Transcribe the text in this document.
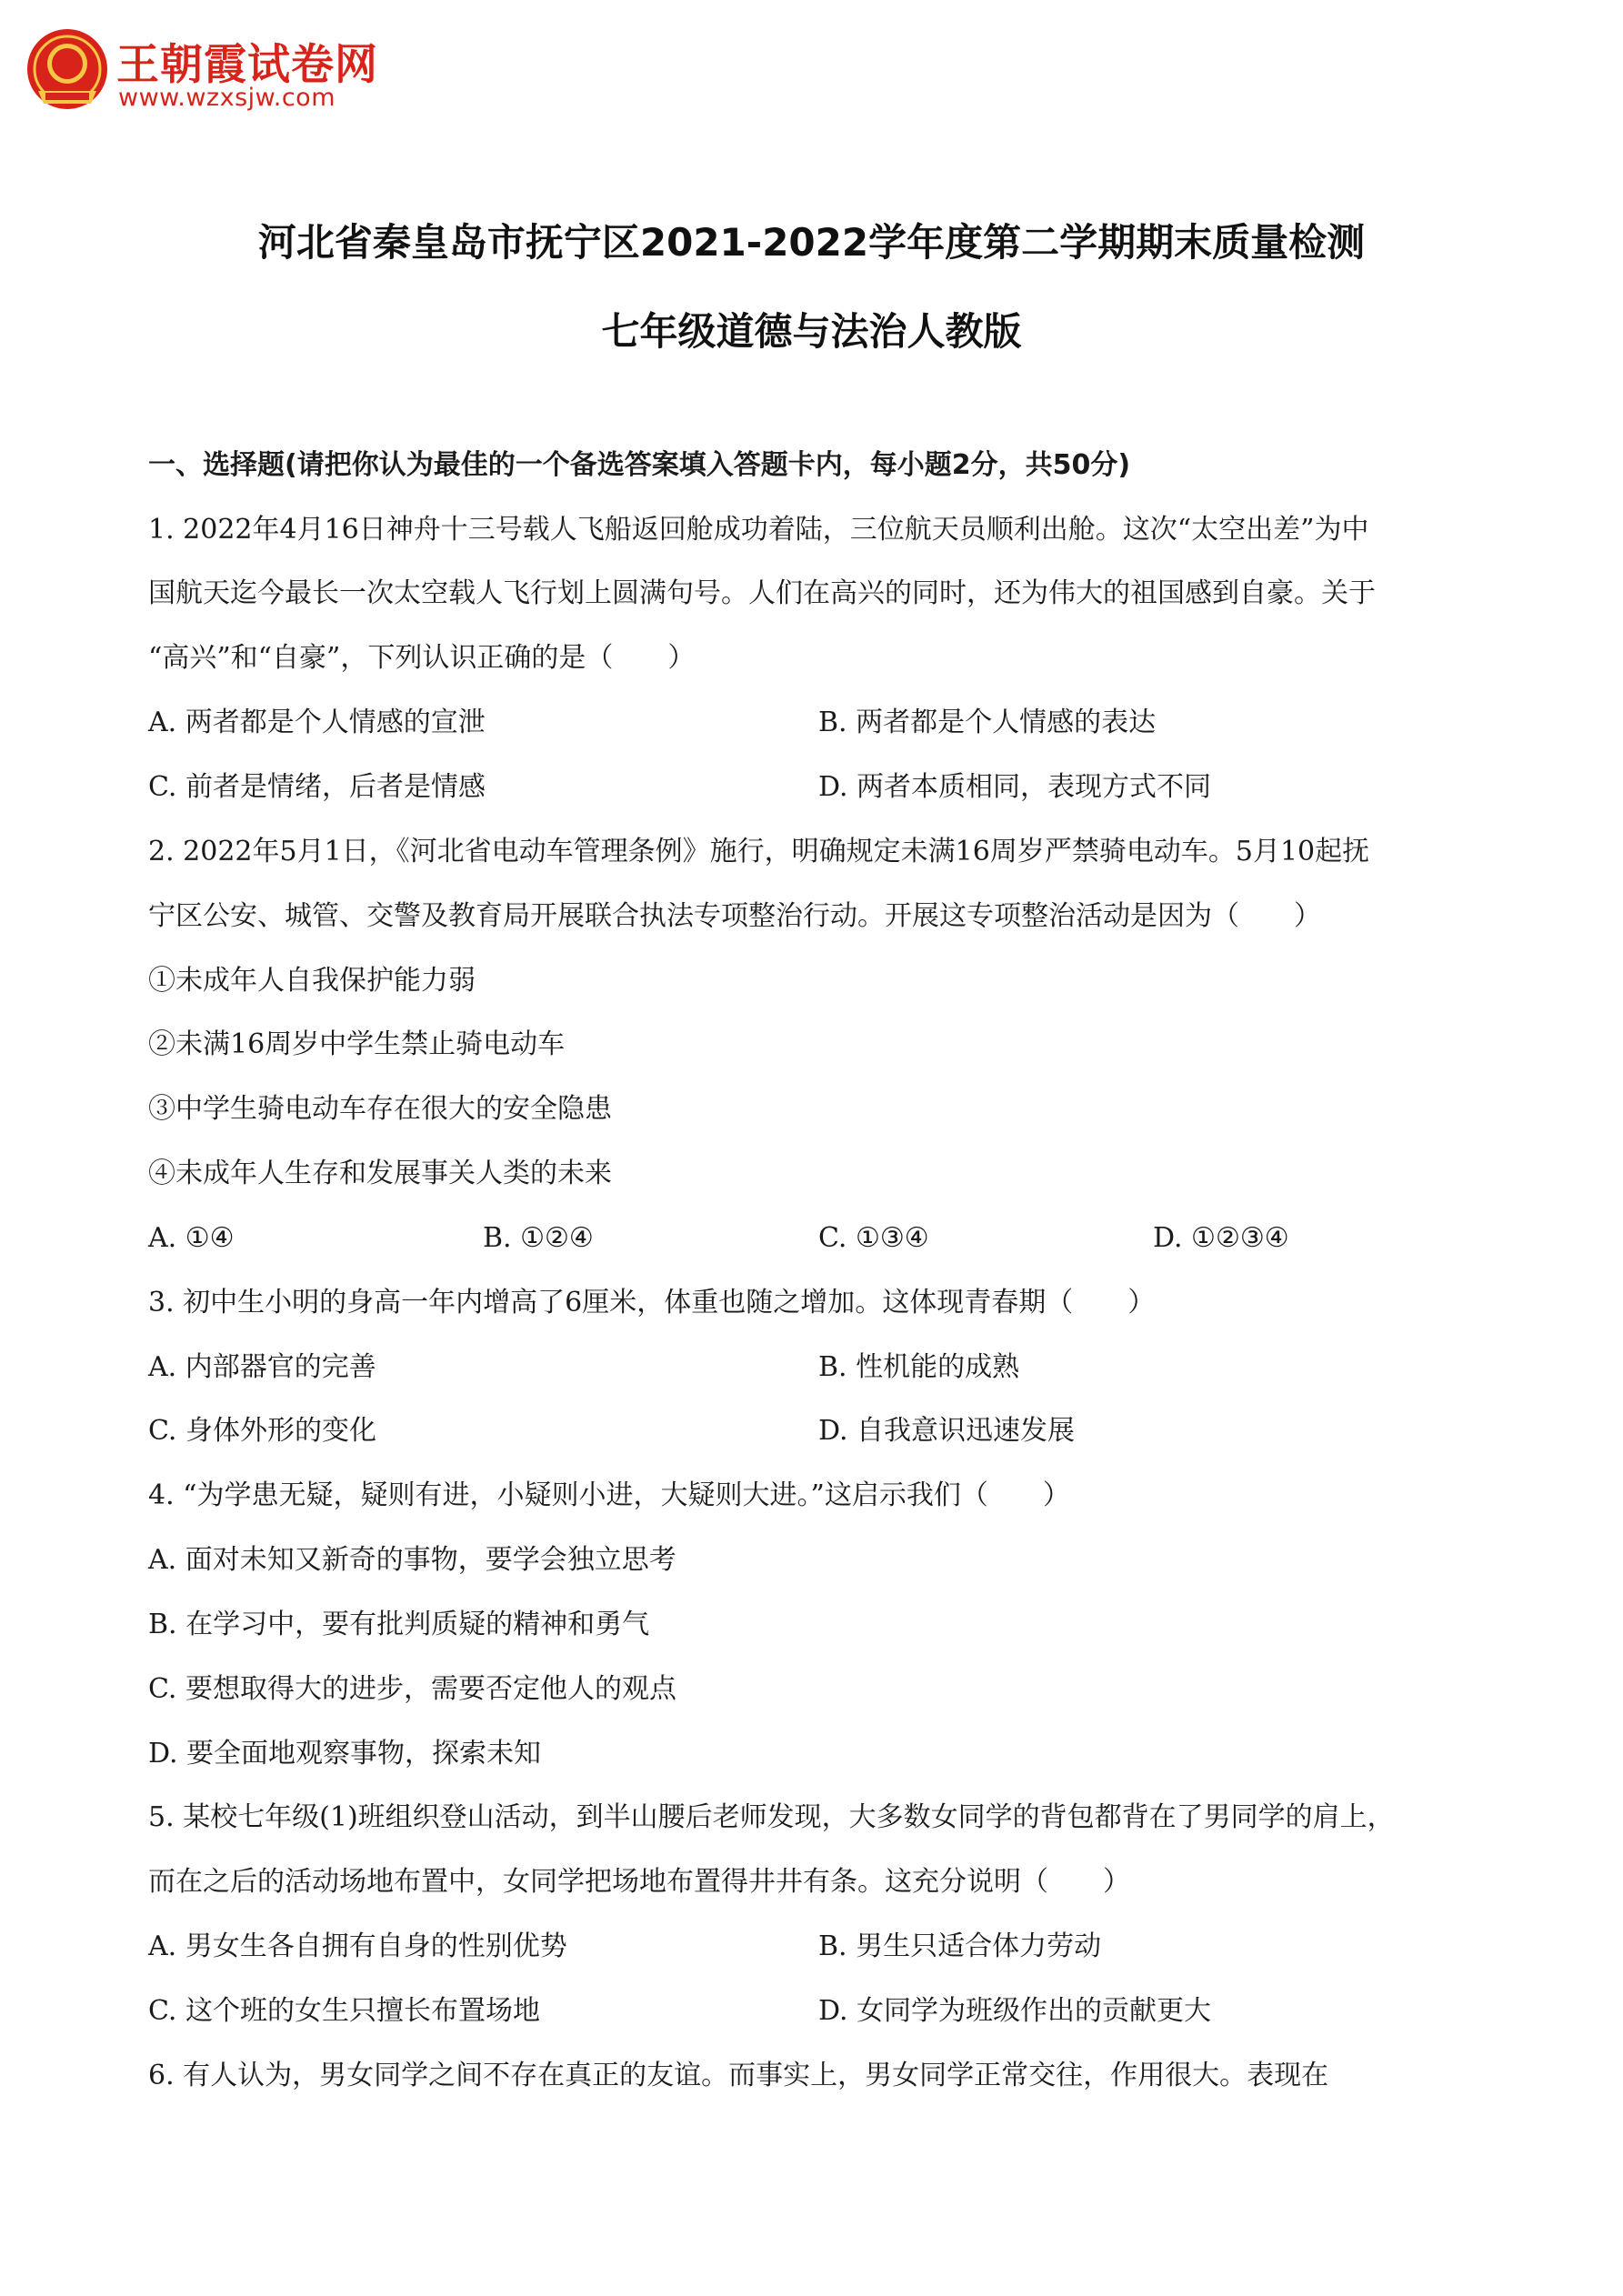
王朝霞试卷网
www.wzxsjw.com
河北省秦皇岛市抚宁区2021-2022学年度第二学期期末质量检测
七年级道德与法治人教版
一、选择题(请把你认为最佳的一个备选答案填入答题卡内，每小题2分，共50分)
1. 2022年4月16日神舟十三号载人飞船返回舱成功着陆，三位航天员顺利出舱。这次“太空出差”为中
国航天迄今最长一次太空载人飞行划上圆满句号。人们在高兴的同时，还为伟大的祖国感到自豪。关于
“高兴”和“自豪”，下列认识正确的是（　　）
A. 两者都是个人情感的宣泄	B. 两者都是个人情感的表达
C. 前者是情绪，后者是情感	D. 两者本质相同，表现方式不同
2. 2022年5月1日，《河北省电动车管理条例》施行，明确规定未满16周岁严禁骑电动车。5月10起抚
宁区公安、城管、交警及教育局开展联合执法专项整治行动。开展这专项整治活动是因为（　　）
①未成年人自我保护能力弱
②未满16周岁中学生禁止骑电动车
③中学生骑电动车存在很大的安全隐患
④未成年人生存和发展事关人类的未来
A. ①④	B. ①②④	C. ①③④	D. ①②③④
3. 初中生小明的身高一年内增高了6厘米，体重也随之增加。这体现青春期（　　）
A. 内部器官的完善	B. 性机能的成熟
C. 身体外形的变化	D. 自我意识迅速发展
4. “为学患无疑，疑则有进，小疑则小进，大疑则大进。”这启示我们（　　）
A. 面对未知又新奇的事物，要学会独立思考
B. 在学习中，要有批判质疑的精神和勇气
C. 要想取得大的进步，需要否定他人的观点
D. 要全面地观察事物，探索未知
5. 某校七年级(1)班组织登山活动，到半山腰后老师发现，大多数女同学的背包都背在了男同学的肩上，
而在之后的活动场地布置中，女同学把场地布置得井井有条。这充分说明（　　）
A. 男女生各自拥有自身的性别优势	B. 男生只适合体力劳动
C. 这个班的女生只擅长布置场地	D. 女同学为班级作出的贡献更大
6. 有人认为，男女同学之间不存在真正的友谊。而事实上，男女同学正常交往，作用很大。表现在
